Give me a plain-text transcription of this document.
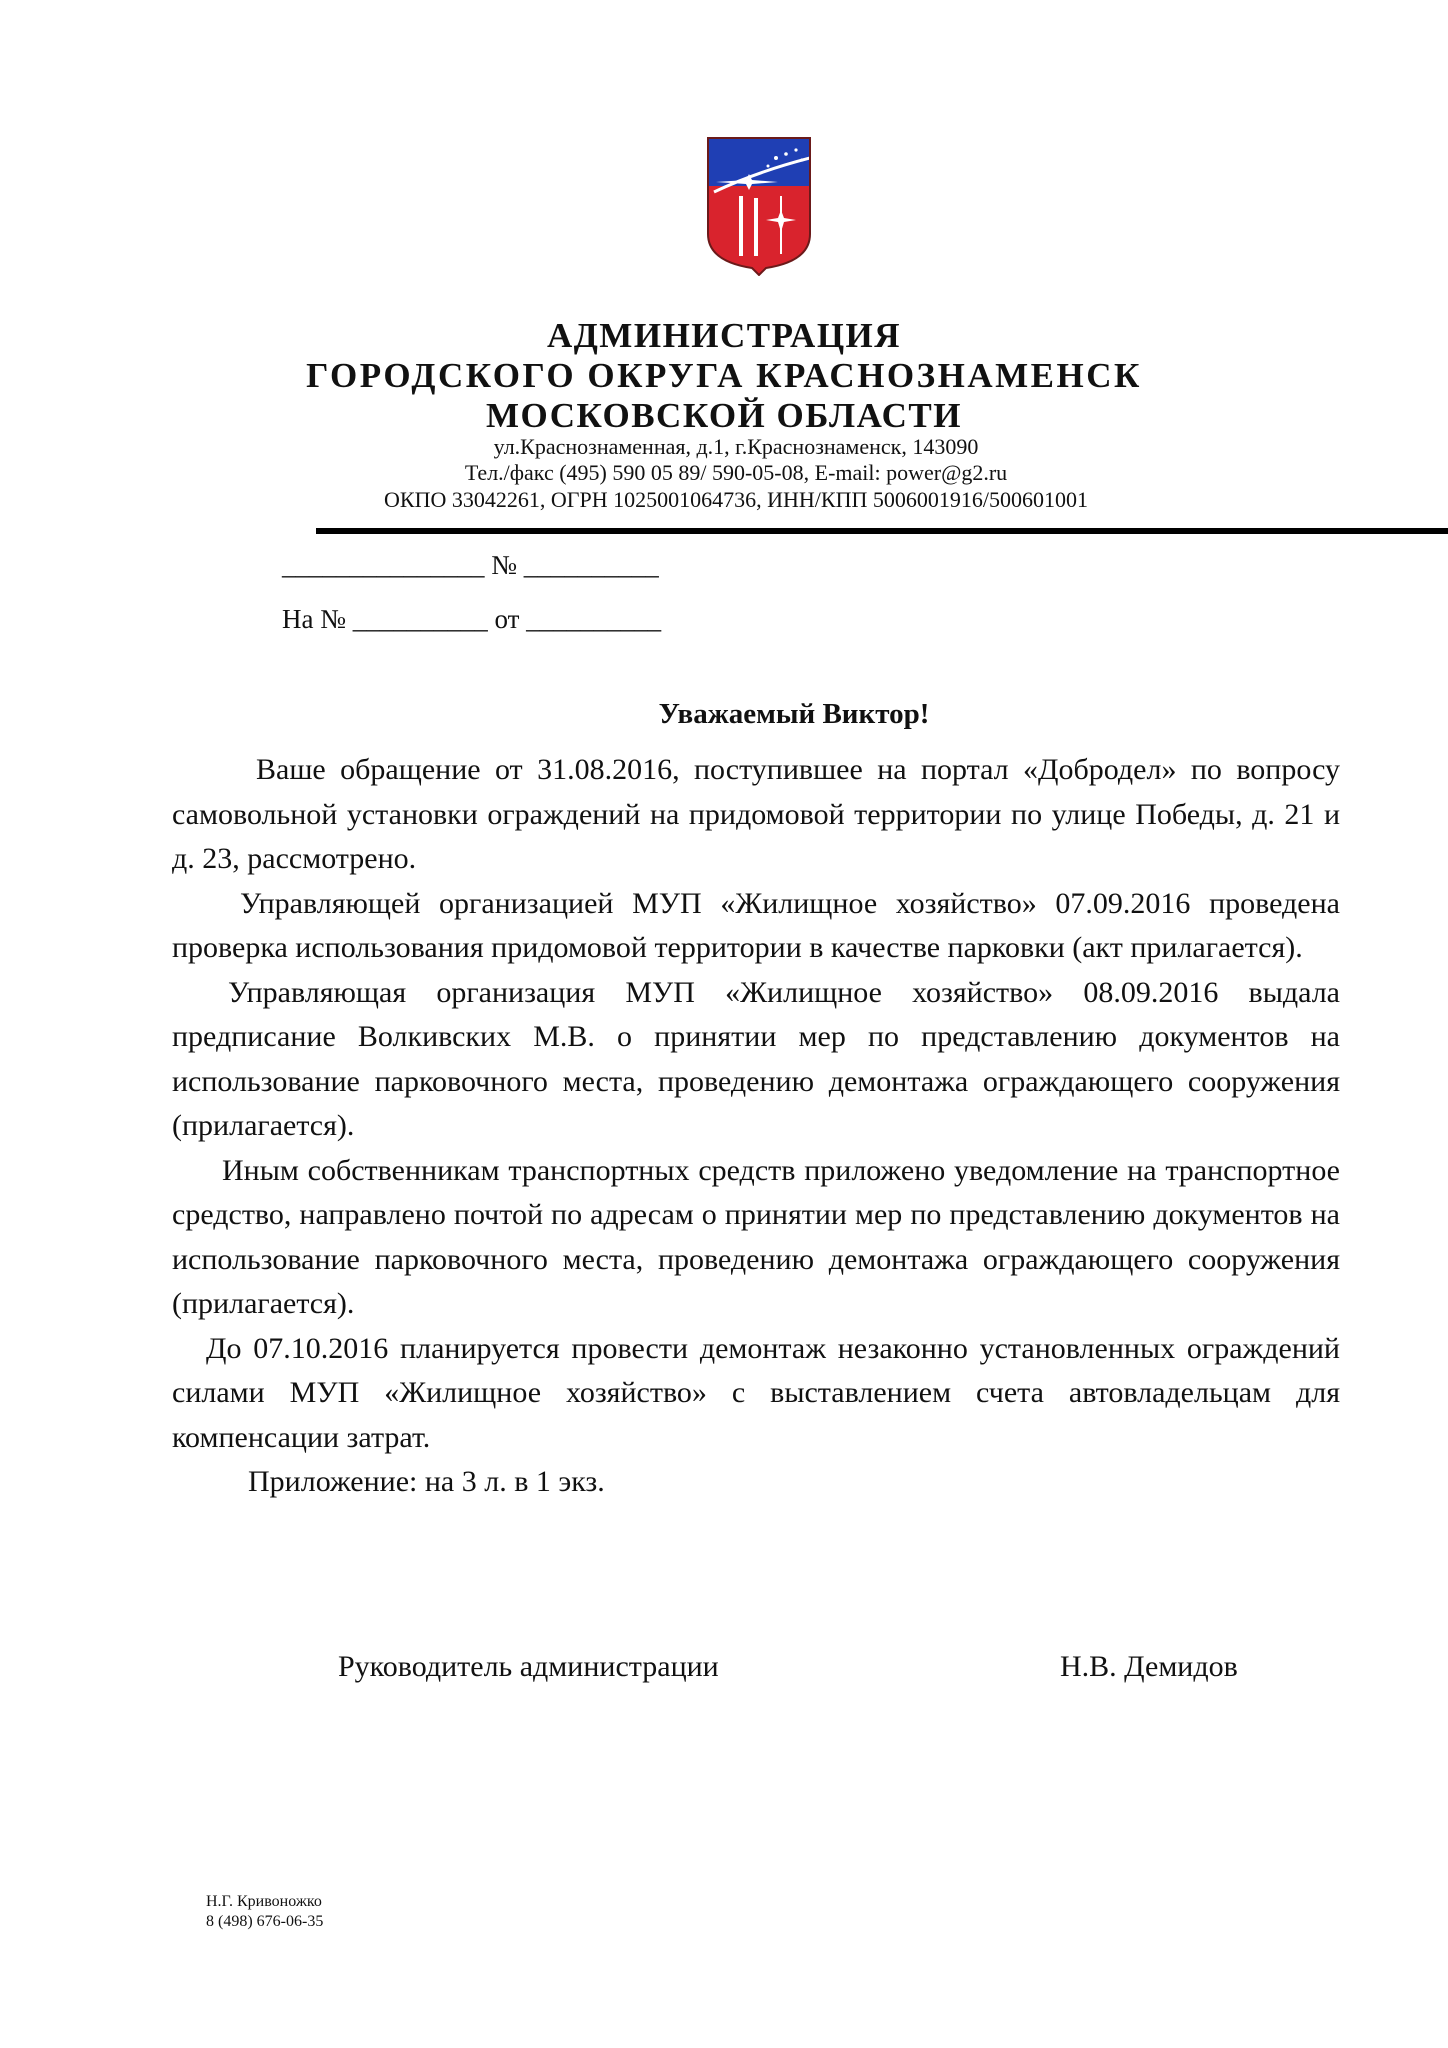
АДМИНИСТРАЦИЯ
ГОРОДСКОГО ОКРУГА КРАСНОЗНАМЕНСК
МОСКОВСКОЙ ОБЛАСТИ
ул.Краснознаменная, д.1, г.Краснознаменск, 143090
Тел./факс (495) 590 05 89/ 590-05-08, E-mail: power@g2.ru
ОКПО 33042261, ОГРН 1025001064736, ИНН/КПП 5006001916/500601001
_______________ № __________
На № __________ от __________
Уважаемый Виктор!

Ваше обращение от 31.08.2016, поступившее на портал «Добродел» по вопросу самовольной установки ограждений на придомовой территории по улице Победы, д. 21 и д. 23, рассмотрено.

Управляющей организацией МУП «Жилищное хозяйство» 07.09.2016 проведена проверка использования придомовой территории в качестве парковки (акт прилагается).

Управляющая организация МУП «Жилищное хозяйство» 08.09.2016 выдала предписание Волкивских М.В. о принятии мер по представлению документов на использование парковочного места, проведению демонтажа ограждающего сооружения (прилагается).

Иным собственникам транспортных средств приложено уведомление на транспортное средство, направлено почтой по адресам о принятии мер по представлению документов на использование парковочного места, проведению демонтажа ограждающего сооружения (прилагается).

До 07.10.2016 планируется провести демонтаж незаконно установленных ограждений силами МУП «Жилищное хозяйство» с выставлением счета автовладельцам для компенсации затрат.

Приложение: на 3 л. в 1 экз.

Руководитель администрации	Н.В. Демидов
Н.Г. Кривоножко
8 (498) 676-06-35
